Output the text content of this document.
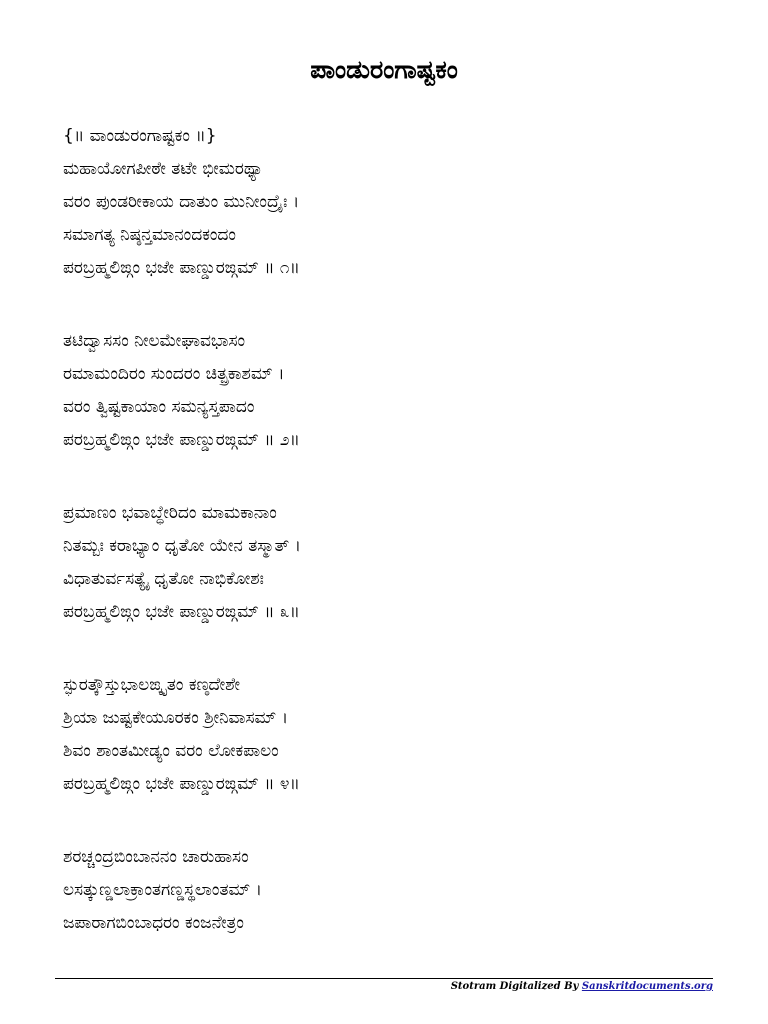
ಪಾಂಡುರಂಗಾಷ್ಟಕಂ
{॥ ವಾಂಡುರಂಗಾಷ್ಟಕಂ ॥}
ಮಹಾಯೋಗಪೀಠೇ ತಟೇ ಭೀಮರಥ್ಯಾ
ವರಂ ಪುಂಡರೀಕಾಯ ದಾತುಂ ಮುನೀಂದ್ರೈಃ ।
ಸಮಾಗತ್ಯ ನಿಷ್ಠನ್ತಮಾನಂದಕಂದಂ
ಪರಬ್ರಹ್ಮಲಿಙ್ಗಂ ಭಜೇ ಪಾಣ್ಡುರಙ್ಗಮ್ ॥ ೧॥
ತಟಿದ್ವಾಸಸಂ ನೀಲಮೇಘಾವಭಾಸಂ
ರಮಾಮಂದಿರಂ ಸುಂದರಂ ಚಿತ್ಪ್ರಕಾಶಮ್ ।
ವರಂ ತ್ವಿಷ್ಟಕಾಯಾಂ ಸಮನ್ಯಸ್ತಪಾದಂ
ಪರಬ್ರಹ್ಮಲಿಙ್ಗಂ ಭಜೇ ಪಾಣ್ಡುರಙ್ಗಮ್ ॥ ೨॥
ಪ್ರಮಾಣಂ ಭವಾಬ್ಧೇರಿದಂ ಮಾಮಕಾನಾಂ
ನಿತಮ್ಬಃ ಕರಾಭ್ಯಾಂ ಧೃತೋ ಯೇನ ತಸ್ಮಾತ್ ।
ವಿಧಾತುರ್ವಸತ್ಯೈ ಧೃತೋ ನಾಭಿಕೋಶಃ
ಪರಬ್ರಹ್ಮಲಿಙ್ಗಂ ಭಜೇ ಪಾಣ್ಡುರಙ್ಗಮ್ ॥ ೩॥
ಸ್ಫುರತ್ಕೌಸ್ತುಭಾಲಙ್ಕೃತಂ ಕಣ್ಠದೇಶೇ
ಶ್ರಿಯಾ ಜುಷ್ಟಕೇಯೂರಕಂ ಶ್ರೀನಿವಾಸಮ್ ।
ಶಿವಂ ಶಾಂತಮೀಡ್ಯಂ ವರಂ ಲೋಕಪಾಲಂ
ಪರಬ್ರಹ್ಮಲಿಙ್ಗಂ ಭಜೇ ಪಾಣ್ಡುರಙ್ಗಮ್ ॥ ೪॥
ಶರಚ್ಚಂದ್ರಬಿಂಬಾನನಂ ಚಾರುಹಾಸಂ
ಲಸತ್ಕುಣ್ಡಲಾಕ್ರಾಂತಗಣ್ಡಸ್ಥಲಾಂತಮ್ ।
ಜಪಾರಾಗಬಿಂಬಾಧರಂ ಕಂಜನೇತ್ರಂ
Stotram Digitalized By Sanskritdocuments.org
